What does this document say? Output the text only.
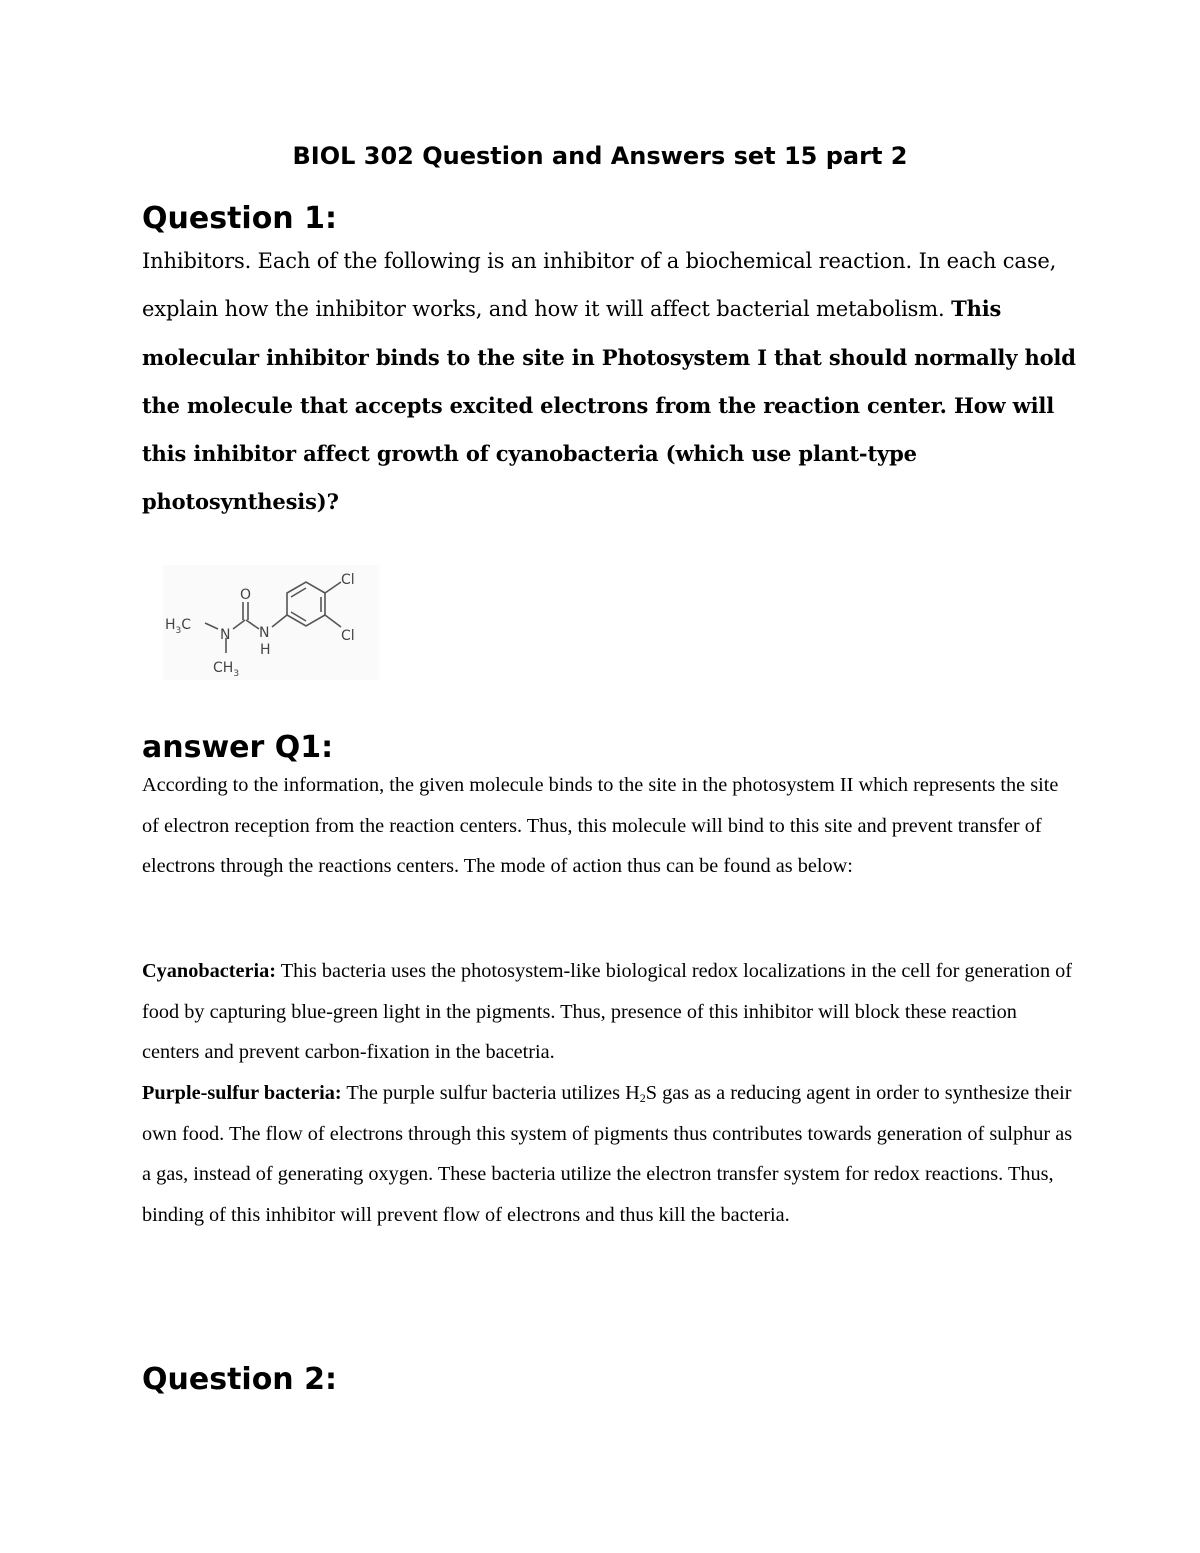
BIOL 302 Question and Answers set 15 part 2
Question 1:

Inhibitors. Each of the following is an inhibitor of a biochemical reaction. In each case, explain how the inhibitor works, and how it will affect bacterial metabolism. This molecular inhibitor binds to the site in Photosystem I that should normally hold the molecule that accepts excited electrons from the reaction center. How will this inhibitor affect growth of cyanobacteria (which use plant-type photosynthesis)?

$H_3C$
N
O
N
H
$CH_3$
Cl
Cl
answer Q1:

According to the information, the given molecule binds to the site in the photosystem II which represents the site of electron reception from the reaction centers. Thus, this molecule will bind to this site and prevent transfer of electrons through the reactions centers. The mode of action thus can be found as below:

Cyanobacteria: This bacteria uses the photosystem-like biological redox localizations in the cell for generation of food by capturing blue-green light in the pigments. Thus, presence of this inhibitor will block these reaction centers and prevent carbon-fixation in the bacetria.

Purple-sulfur bacteria: The purple sulfur bacteria utilizes $H_2S$ gas as a reducing agent in order to synthesize their own food. The flow of electrons through this system of pigments thus contributes towards generation of sulphur as a gas, instead of generating oxygen. These bacteria utilize the electron transfer system for redox reactions. Thus, binding of this inhibitor will prevent flow of electrons and thus kill the bacteria.

Question 2:
